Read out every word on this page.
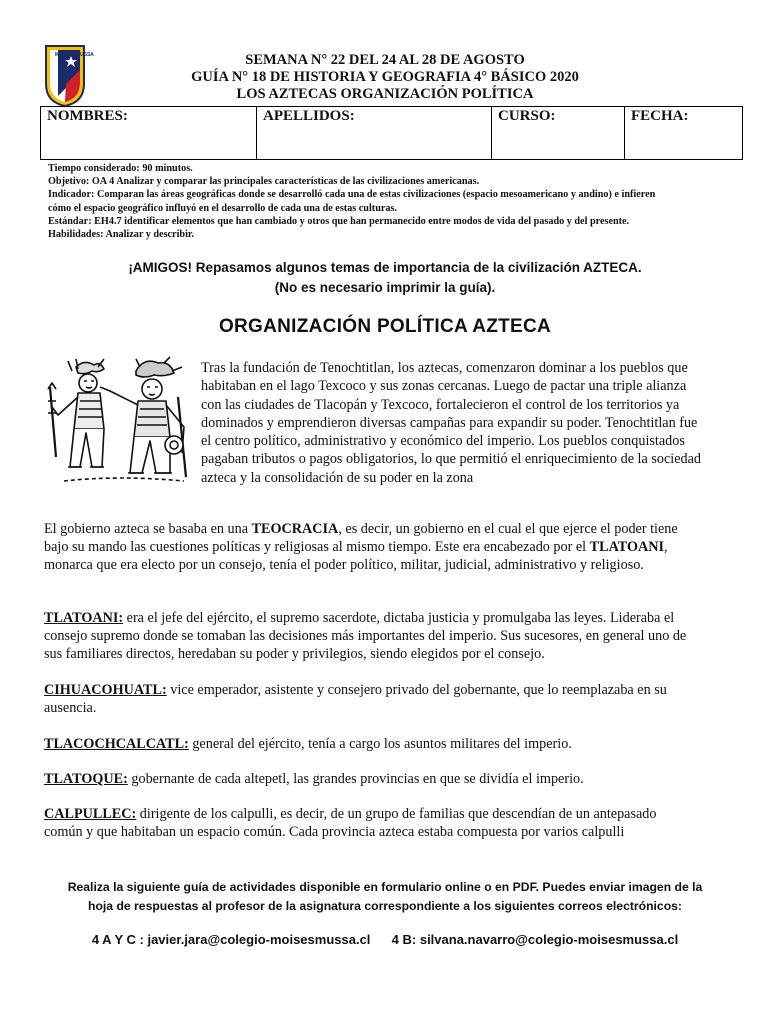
MOISES MUSSA	SEMANA N° 22 DEL 24 AL 28 DE AGOSTO
GUÍA N° 18 DE HISTORIA Y GEOGRAFIA 4° BÁSICO 2020
LOS AZTECAS ORGANIZACIÓN POLÍTICA
NOMBRES:	APELLIDOS:	CURSO:	FECHA:
Tiempo considerado: 90 minutos.
Objetivo: OA 4 Analizar y comparar las principales características de las civilizaciones americanas.
Indicador: Comparan las áreas geográficas donde se desarrolló cada una de estas civilizaciones (espacio mesoamericano y andino) e infieren
cómo el espacio geográfico influyó en el desarrollo de cada una de estas culturas.
Estándar: EH4.7 identificar elementos que han cambiado y otros que han permanecido entre modos de vida del pasado y del presente.
Habilidades: Analizar y describir.
¡AMIGOS! Repasamos algunos temas de importancia de la civilización AZTECA.
(No es necesario imprimir la guía).
ORGANIZACIÓN POLÍTICA AZTECA
Tras la fundación de Tenochtitlan, los aztecas, comenzaron dominar a los pueblos que
habitaban en el lago Texcoco y sus zonas cercanas. Luego de pactar una triple alianza
con las ciudades de Tlacopán y Texcoco, fortalecieron el control de los territorios ya
dominados y emprendieron diversas campañas para expandir su poder. Tenochtitlan fue
el centro político, administrativo y económico del imperio. Los pueblos conquistados
pagaban tributos o pagos obligatorios, lo que permitió el enriquecimiento de la sociedad
azteca y la consolidación de su poder en la zona
El gobierno azteca se basaba en una TEOCRACIA, es decir, un gobierno en el cual el que ejerce el poder tiene
bajo su mando las cuestiones políticas y religiosas al mismo tiempo. Este era encabezado por el TLATOANI,
monarca que era electo por un consejo, tenía el poder político, militar, judicial, administrativo y religioso.
TLATOANI: era el jefe del ejército, el supremo sacerdote, dictaba justicia y promulgaba las leyes. Lideraba el
consejo supremo donde se tomaban las decisiones más importantes del imperio. Sus sucesores, en general uno de
sus familiares directos, heredaban su poder y privilegios, siendo elegidos por el consejo.
CIHUACOHUATL: vice emperador, asistente y consejero privado del gobernante, que lo reemplazaba en su
ausencia.
TLACOCHCALCATL: general del ejército, tenía a cargo los asuntos militares del imperio.
TLATOQUE: gobernante de cada altepetl, las grandes provincias en que se dividía el imperio.
CALPULLEC: dirigente de los calpulli, es decir, de un grupo de familias que descendían de un antepasado
común y que habitaban un espacio común. Cada provincia azteca estaba compuesta por varios calpulli
Realiza la siguiente guía de actividades disponible en formulario online o en PDF. Puedes enviar imagen de la
hoja de respuestas al profesor de la asignatura correspondiente a los siguientes correos electrónicos:
4 A Y C : javier.jara@colegio-moisesmussa.cl 4 B: silvana.navarro@colegio-moisesmussa.cl
